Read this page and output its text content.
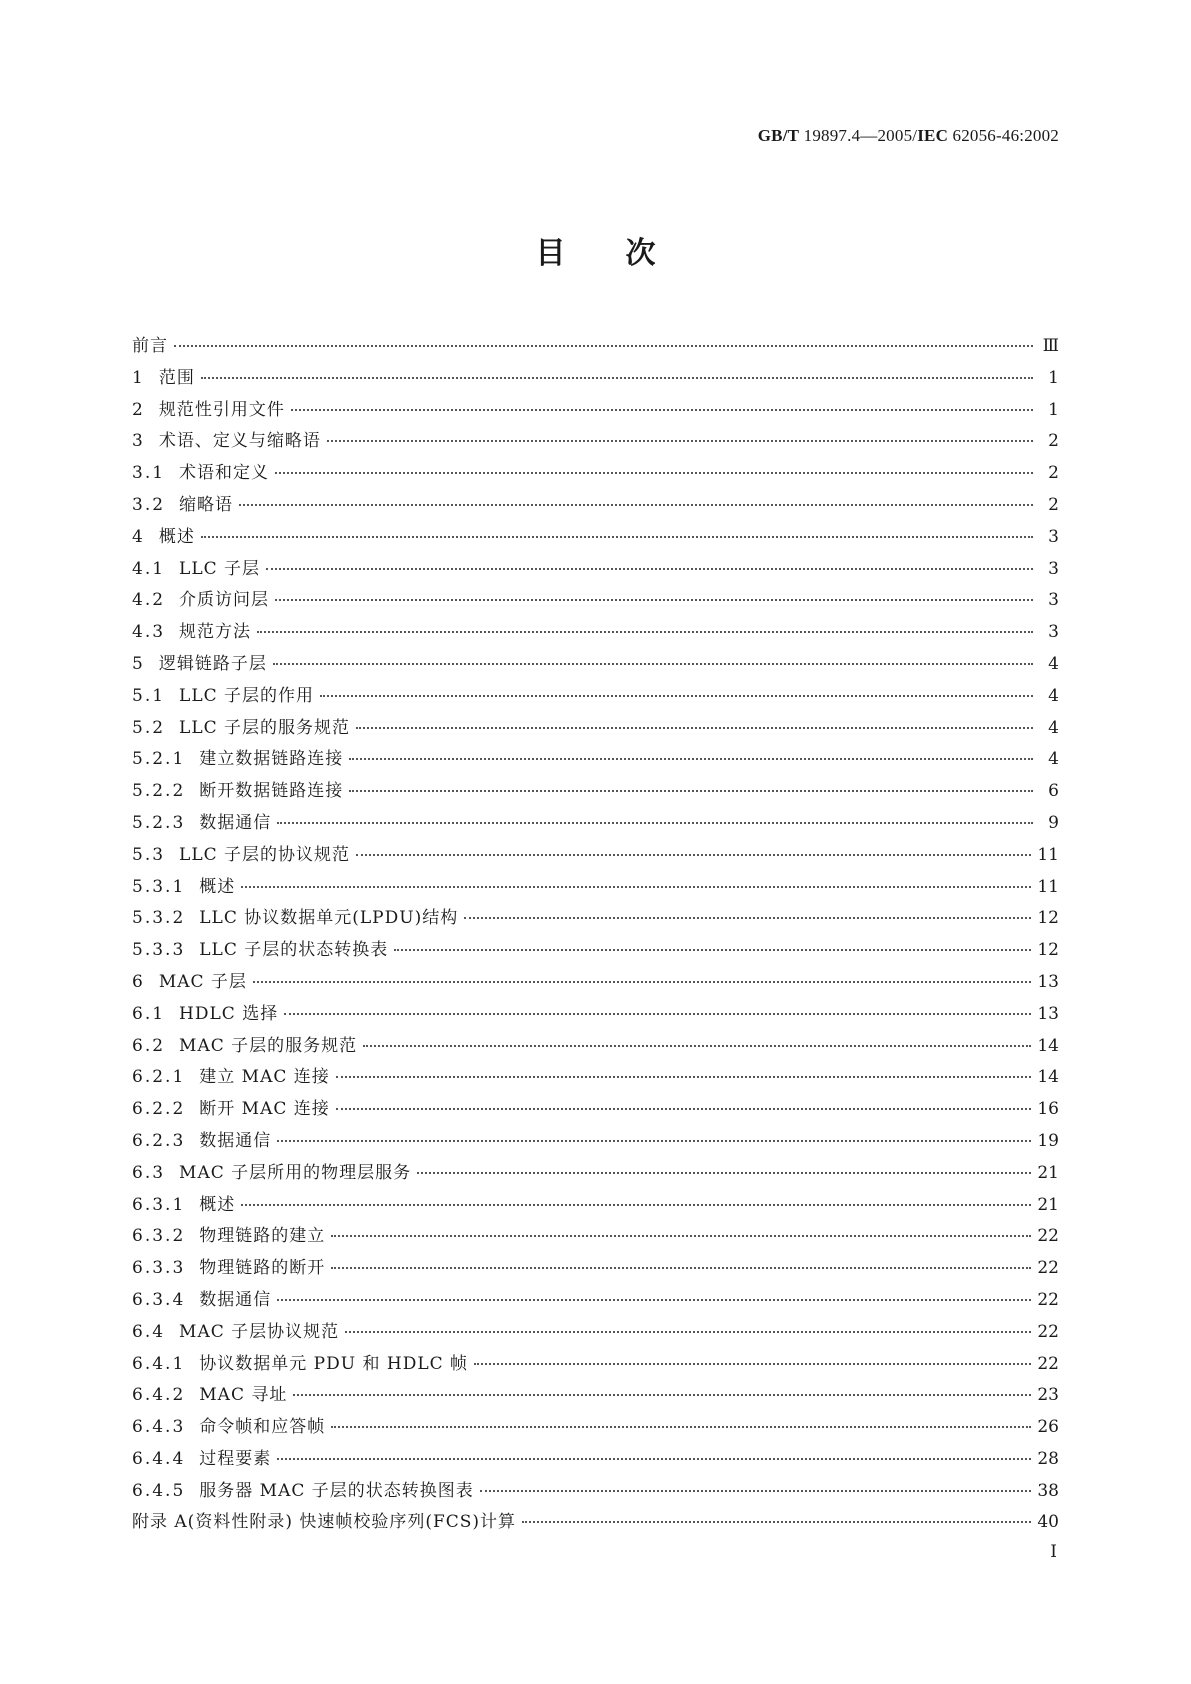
GB/T 19897.4—2005/IEC 62056-46:2002
目次
前言	Ⅲ
1 范围	1
2 规范性引用文件	1
3 术语、定义与缩略语	2
3.1 术语和定义	2
3.2 缩略语	2
4 概述	3
4.1 LLC 子层	3
4.2 介质访问层	3
4.3 规范方法	3
5 逻辑链路子层	4
5.1 LLC 子层的作用	4
5.2 LLC 子层的服务规范	4
5.2.1 建立数据链路连接	4
5.2.2 断开数据链路连接	6
5.2.3 数据通信	9
5.3 LLC 子层的协议规范	11
5.3.1 概述	11
5.3.2 LLC 协议数据单元(LPDU)结构	12
5.3.3 LLC 子层的状态转换表	12
6 MAC 子层	13
6.1 HDLC 选择	13
6.2 MAC 子层的服务规范	14
6.2.1 建立 MAC 连接	14
6.2.2 断开 MAC 连接	16
6.2.3 数据通信	19
6.3 MAC 子层所用的物理层服务	21
6.3.1 概述	21
6.3.2 物理链路的建立	22
6.3.3 物理链路的断开	22
6.3.4 数据通信	22
6.4 MAC 子层协议规范	22
6.4.1 协议数据单元 PDU 和 HDLC 帧	22
6.4.2 MAC 寻址	23
6.4.3 命令帧和应答帧	26
6.4.4 过程要素	28
6.4.5 服务器 MAC 子层的状态转换图表	38
附录 A(资料性附录) 快速帧校验序列(FCS)计算	40
I
